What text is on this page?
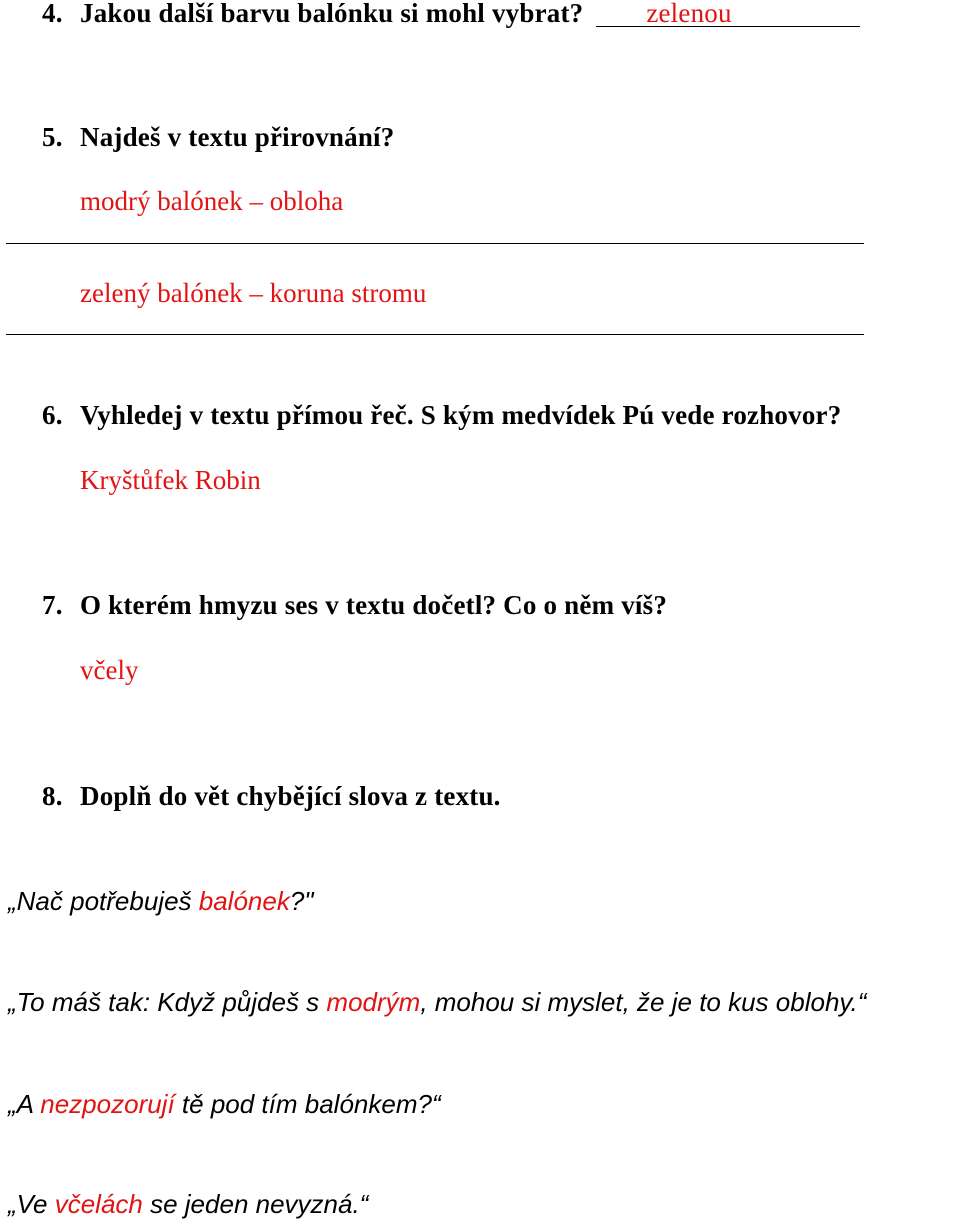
4. Jakou další barvu balónku si mohl vybrat? zelenou
5. Najdeš v textu přirovnání?
modrý balónek – obloha
zelený balónek – koruna stromu
6. Vyhledej v textu přímou řeč. S kým medvídek Pú vede rozhovor?
Kryštůfek Robin
7. O kterém hmyzu ses v textu dočetl? Co o něm víš?
včely
8. Doplň do vět chybějící slova z textu.
„Nač potřebuješ balónek?"
„To máš tak: Když půjdeš s modrým, mohou si myslet, že je to kus oblohy.“
„A nezpozorují tě pod tím balónkem?“
„Ve včelách se jeden nevyzná.“
